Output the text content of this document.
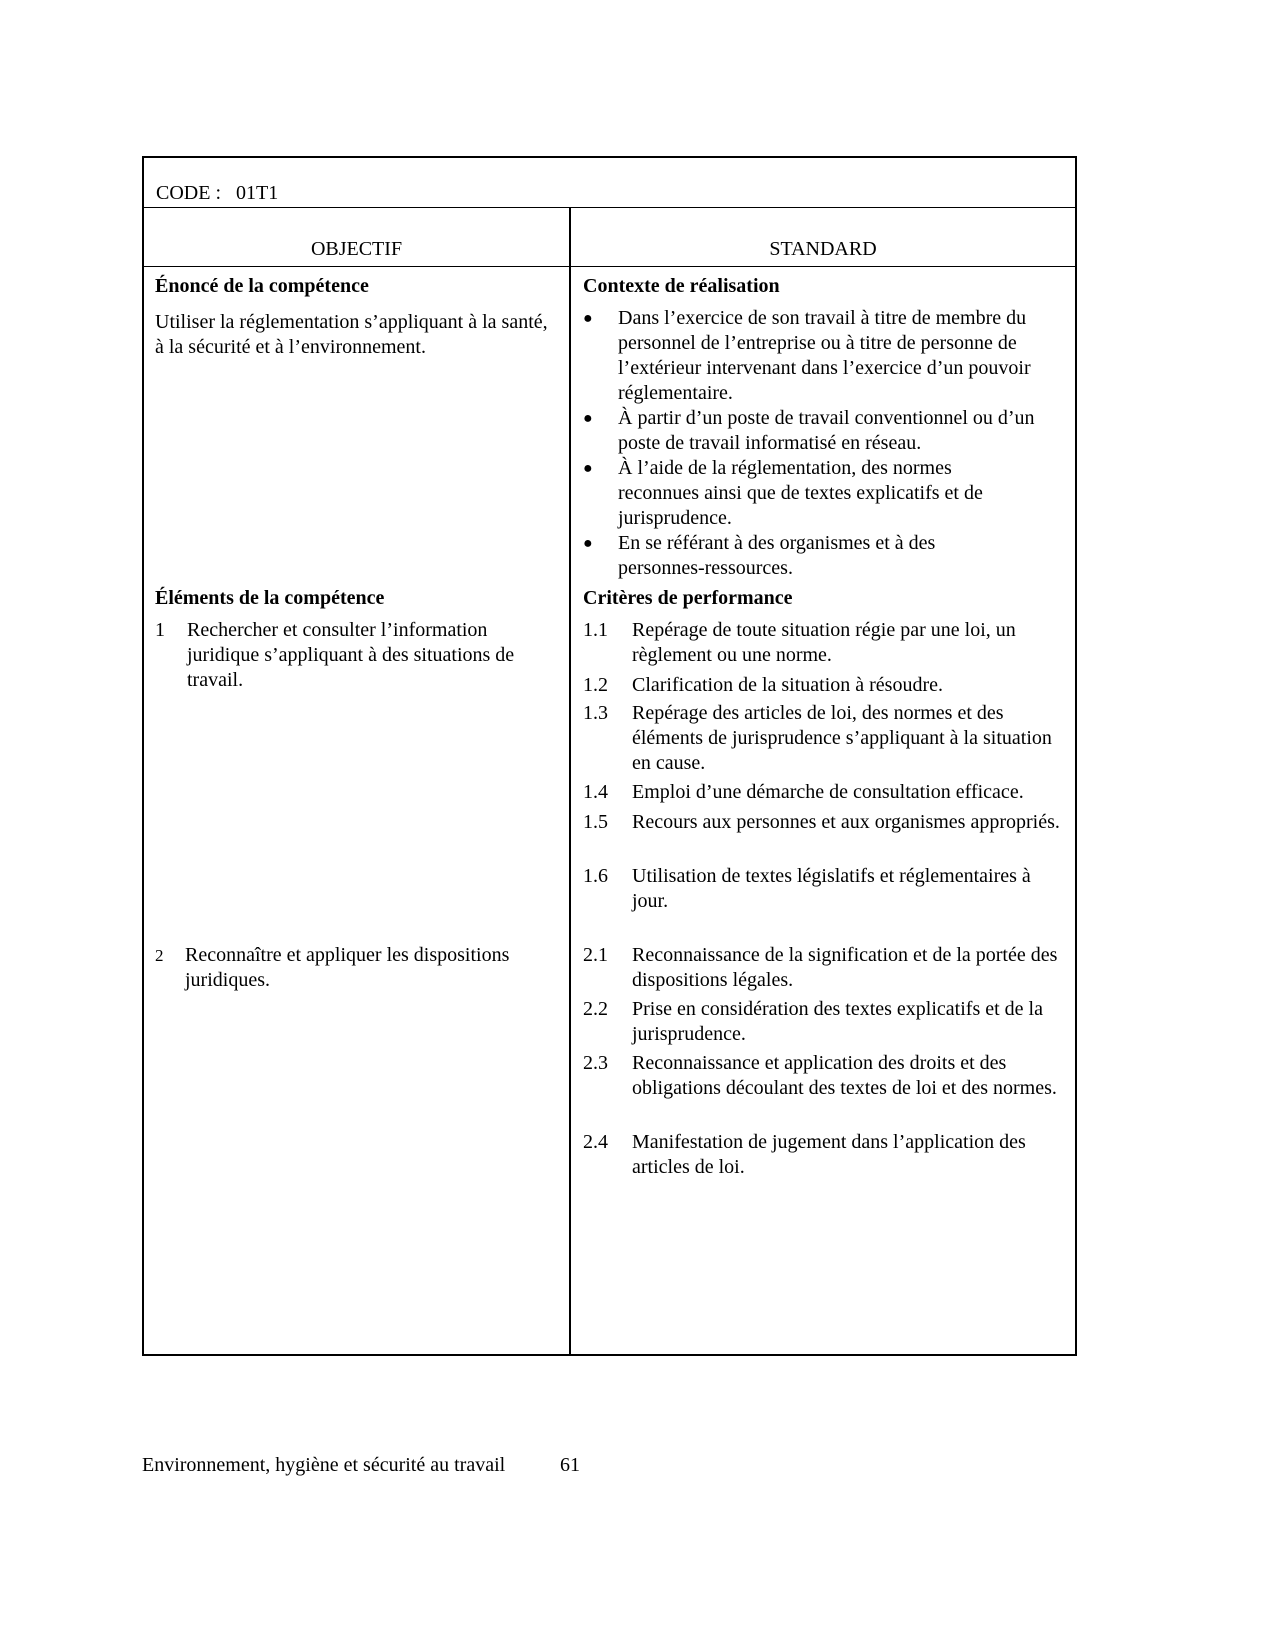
CODE : 01T1
OBJECTIF	STANDARD
Énoncé de la compétence
Utiliser la réglementation s’appliquant à la santé, à la sécurité et à l’environnement.
Éléments de la compétence
1 Rechercher et consulter l’information juridique s’appliquant à des situations de travail.
2 Reconnaître et appliquer les dispositions juridiques.
Contexte de réalisation
● Dans l’exercice de son travail à titre de membre du personnel de l’entreprise ou à titre de personne de l’extérieur intervenant dans l’exercice d’un pouvoir réglementaire.
● À partir d’un poste de travail conventionnel ou d’un poste de travail informatisé en réseau.
● À l’aide de la réglementation, des normes reconnues ainsi que de textes explicatifs et de jurisprudence.
● En se référant à des organismes et à des personnes-ressources.
Critères de performance
1.1 Repérage de toute situation régie par une loi, un règlement ou une norme.
1.2 Clarification de la situation à résoudre.
1.3 Repérage des articles de loi, des normes et des éléments de jurisprudence s’appliquant à la situation en cause.
1.4 Emploi d’une démarche de consultation efficace.
1.5 Recours aux personnes et aux organismes appropriés.
1.6 Utilisation de textes législatifs et réglementaires à jour.
2.1 Reconnaissance de la signification et de la portée des dispositions légales.
2.2 Prise en considération des textes explicatifs et de la jurisprudence.
2.3 Reconnaissance et application des droits et des obligations découlant des textes de loi et des normes.
2.4 Manifestation de jugement dans l’application des articles de loi.
Environnement, hygiène et sécurité au travail	61
